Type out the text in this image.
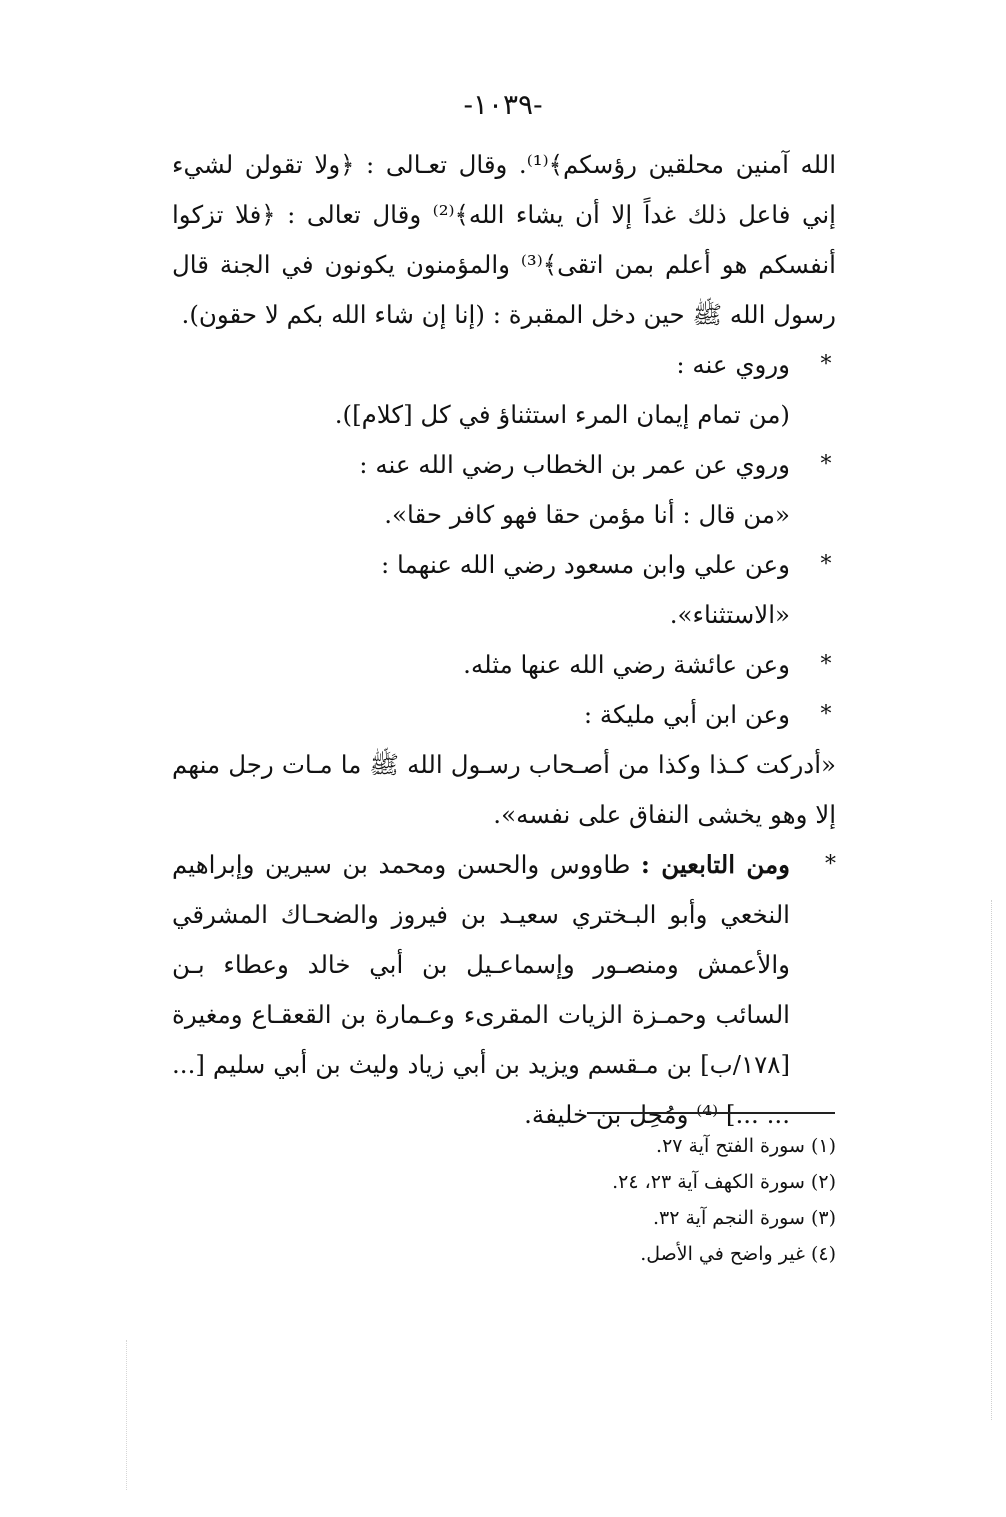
-١٠٣٩-

الله آمنين محلقين رؤسكم﴾⁽¹⁾. وقال تعـالى : ﴿ولا تقولن لشيء إني فاعل ذلك غداً إلا أن يشاء الله﴾⁽²⁾ وقال تعالى : ﴿فلا تزكوا أنفسكم هو أعلم بمن اتقى﴾⁽³⁾ والمؤمنون يكونون في الجنة قال رسول الله ﷺ حين دخل المقبرة : (إنا إن شاء الله بكم لا حقون).

*
وروي عنه :
(من تمام إيمان المرء استثناؤ في كل [كلام]).
*
وروي عن عمر بن الخطاب رضي الله عنه :
«من قال : أنا مؤمن حقا فهو كافر حقا».
*
وعن علي وابن مسعود رضي الله عنهما :
«الاستثناء».
*
وعن عائشة رضي الله عنها مثله.
*
وعن ابن أبي مليكة :
«أدركت كـذا وكذا من أصـحاب رسـول الله ﷺ ما مـات رجل منهم إلا وهو يخشى النفاق على نفسه».
*
ومن التابعين : طاووس والحسن ومحمد بن سيرين وإبراهيم النخعي وأبو البـختري سعيـد بن فيروز والضحـاك المشرقي والأعمش ومنصـور وإسماعـيل بن أبي خالد وعطاء بـن السائب وحمـزة الزيات المقرىء وعـمارة بن القعقـاع ومغيرة [١٧٨/ب] بن مـقسم ويزيد بن أبي زياد وليث بن أبي سليم [... ... ...] ⁽⁴⁾ ومُحِل بن خليفة.
(١) سورة الفتح آية ٢٧.
(٢) سورة الكهف آية ٢٣، ٢٤.
(٣) سورة النجم آية ٣٢.
(٤) غير واضح في الأصل.
